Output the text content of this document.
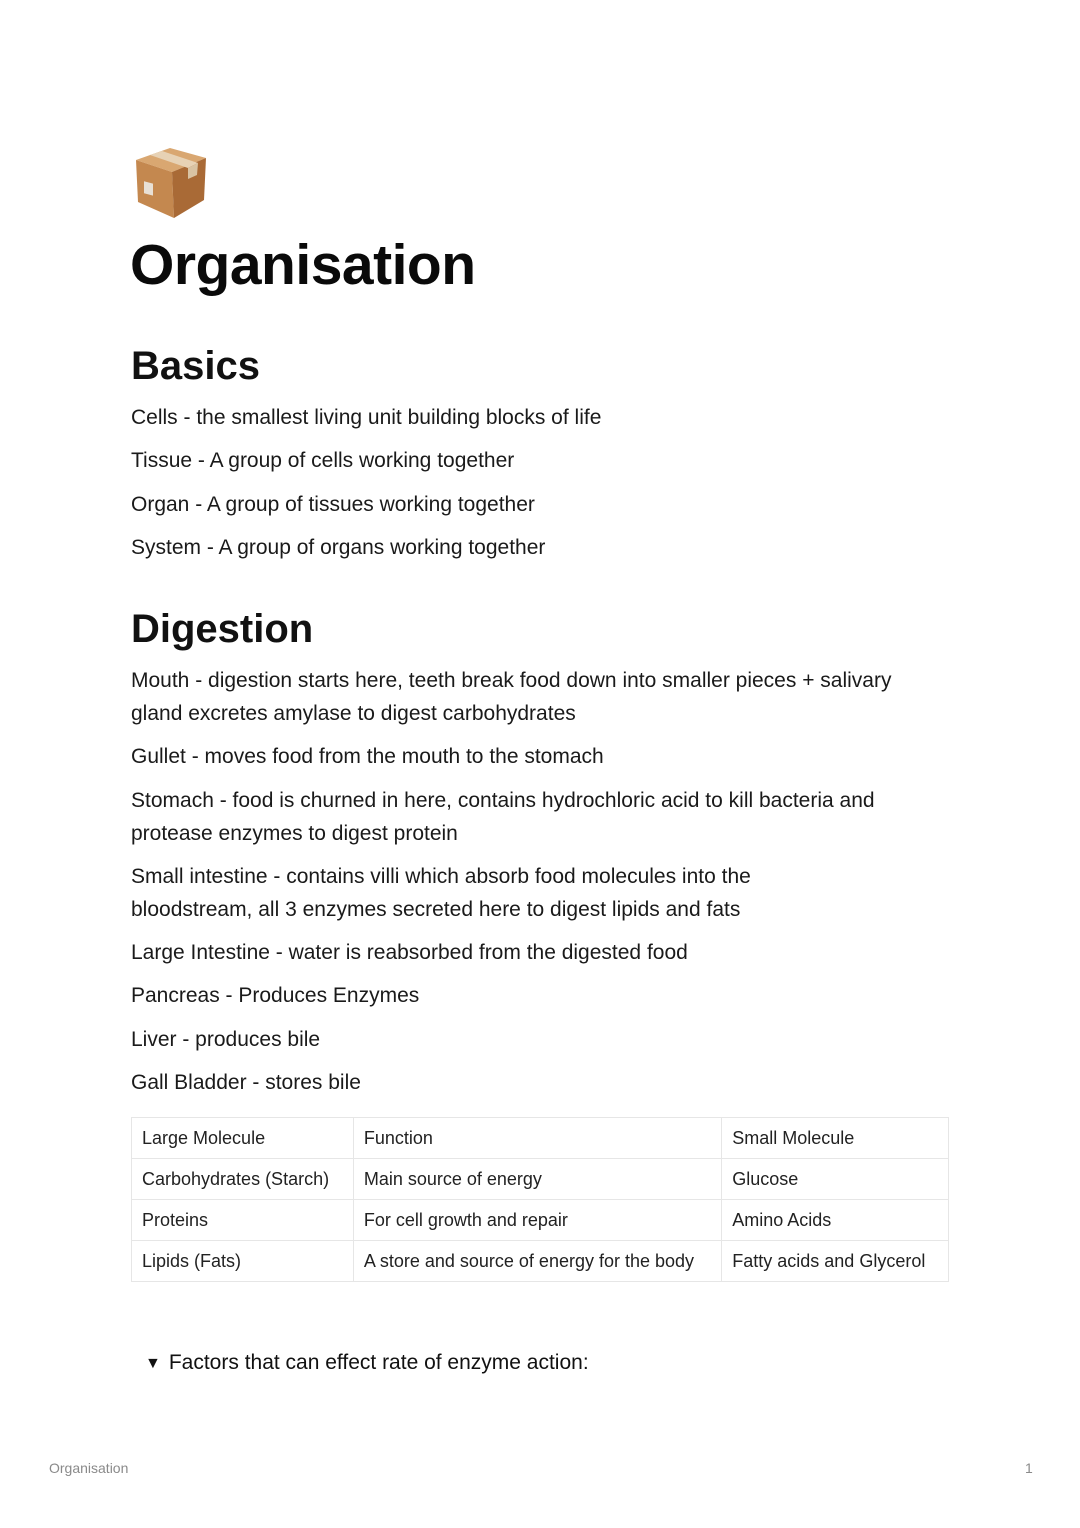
Organisation
Basics
Cells - the smallest living unit building blocks of life
Tissue - A group of cells working together
Organ - A group of tissues working together
System - A group of organs working together
Digestion
Mouth - digestion starts here, teeth break food down into smaller pieces + salivary gland excretes amylase to digest carbohydrates
Gullet - moves food from the mouth to the stomach
Stomach - food is churned in here, contains hydrochloric acid to kill bacteria and protease enzymes to digest protein
Small intestine - contains villi which absorb food molecules into the bloodstream, all 3 enzymes secreted here to digest lipids and fats
Large Intestine - water is reabsorbed from the digested food
Pancreas - Produces Enzymes
Liver - produces bile
Gall Bladder - stores bile
Large Molecule	Function	Small Molecule
Carbohydrates (Starch)	Main source of energy	Glucose
Proteins	For cell growth and repair	Amino Acids
Lipids (Fats)	A store and source of energy for the body	Fatty acids and Glycerol
▼ Factors that can effect rate of enzyme action:
Organisation	1
